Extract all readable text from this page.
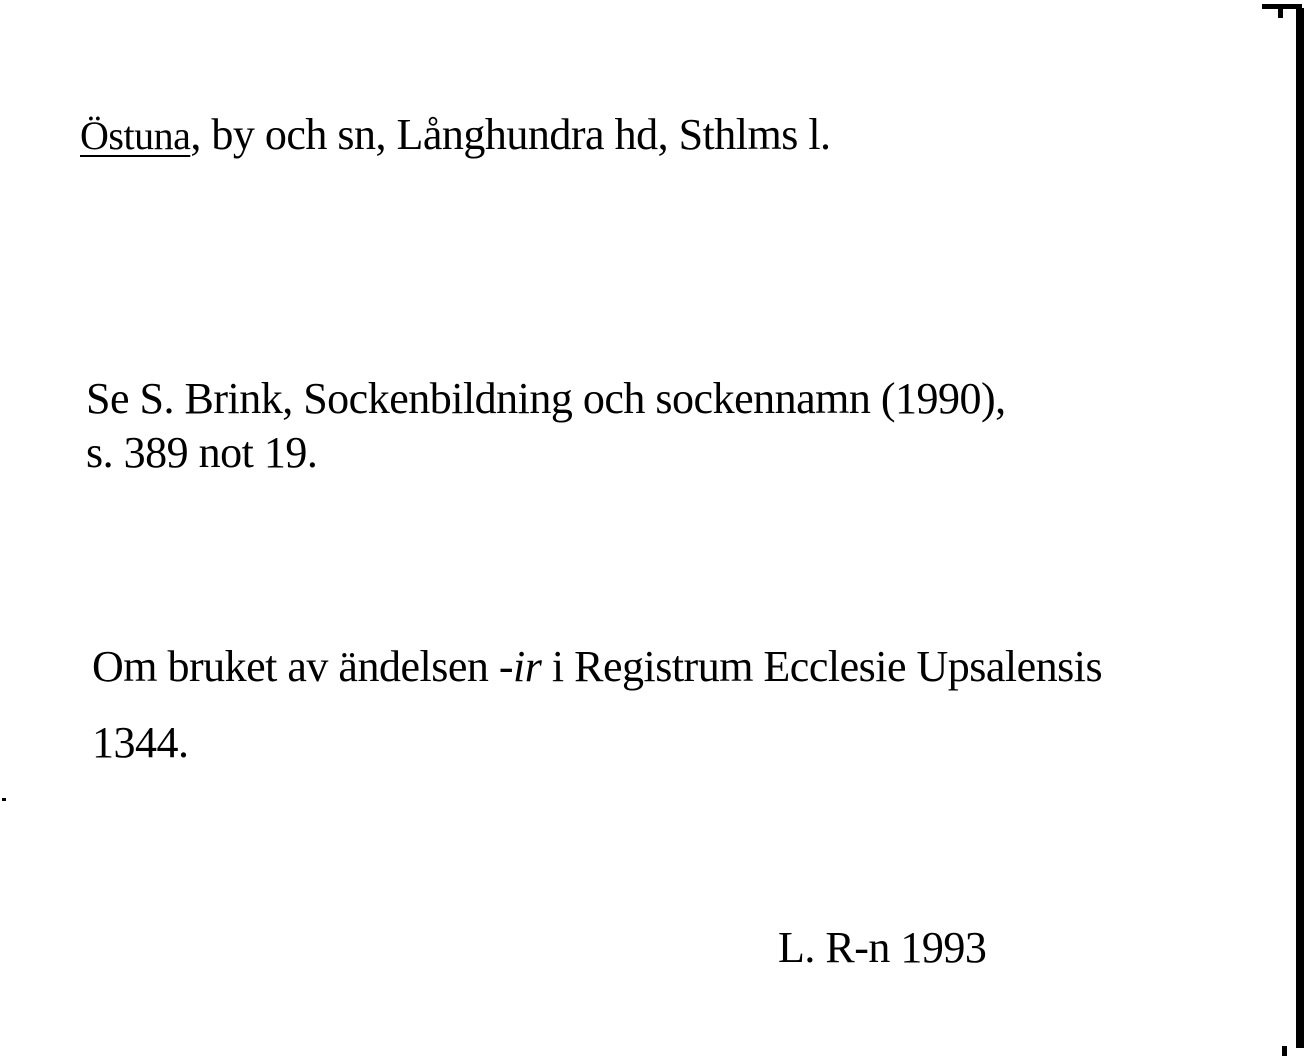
Östuna, by och sn, Långhundra hd, Sthlms l.
Se S. Brink, Sockenbildning och sockennamn (1990),
s. 389 not 19.
Om bruket av ändelsen -ir i Registrum Ecclesie Upsalensis
1344.
L. R-n 1993
